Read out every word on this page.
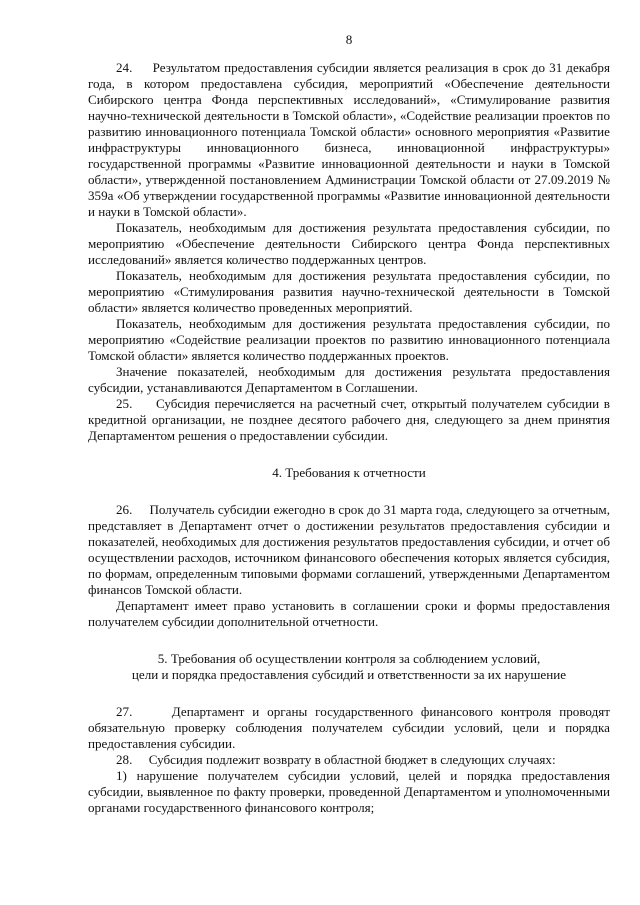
8

24.     Результатом предоставления субсидии является реализация в срок до 31 декабря года, в котором предоставлена субсидия, мероприятий «Обеспечение деятельности Сибирского центра Фонда перспективных исследований», «Стимулирование развития научно-технической деятельности в Томской области», «Содействие реализации проектов по развитию инновационного потенциала Томской области» основного мероприятия «Развитие инфраструктуры инновационного бизнеса, инновационной инфраструктуры» государственной программы «Развитие инновационной деятельности и науки в Томской области», утвержденной постановлением Администрации Томской области от 27.09.2019 № 359а «Об утверждении государственной программы «Развитие инновационной деятельности и науки в Томской области».

Показатель, необходимым для достижения результата предоставления субсидии, по мероприятию «Обеспечение деятельности Сибирского центра Фонда перспективных исследований» является количество поддержанных центров.

Показатель, необходимым для достижения результата предоставления субсидии, по мероприятию «Стимулирования развития научно-технической деятельности в Томской области» является количество проведенных мероприятий.

Показатель, необходимым для достижения результата предоставления субсидии, по мероприятию «Содействие реализации проектов по развитию инновационного потенциала Томской области» является количество поддержанных проектов.

Значение показателей, необходимым для достижения результата предоставления субсидии, устанавливаются Департаментом в Соглашении.

25.     Субсидия перечисляется на расчетный счет, открытый получателем субсидии в кредитной организации, не позднее десятого рабочего дня, следующего за днем принятия Департаментом решения о предоставлении субсидии.

4. Требования к отчетности

26.     Получатель субсидии ежегодно в срок до 31 марта года, следующего за отчетным, представляет в Департамент отчет о достижении результатов предоставления субсидии и показателей, необходимых для достижения результатов предоставления субсидии, и отчет об осуществлении расходов, источником финансового обеспечения которых является субсидия, по формам, определенным типовыми формами соглашений, утвержденными Департаментом финансов Томской области.

Департамент имеет право установить в соглашении сроки и формы предоставления получателем субсидии дополнительной отчетности.

5. Требования об осуществлении контроля за соблюдением условий,
цели и порядка предоставления субсидий и ответственности за их нарушение

27.     Департамент и органы государственного финансового контроля проводят обязательную проверку соблюдения получателем субсидии условий, цели и порядка предоставления субсидии.

28.     Субсидия подлежит возврату в областной бюджет в следующих случаях:

1) нарушение получателем субсидии условий, целей и порядка предоставления субсидии, выявленное по факту проверки, проведенной Департаментом и уполномоченными органами государственного финансового контроля;
